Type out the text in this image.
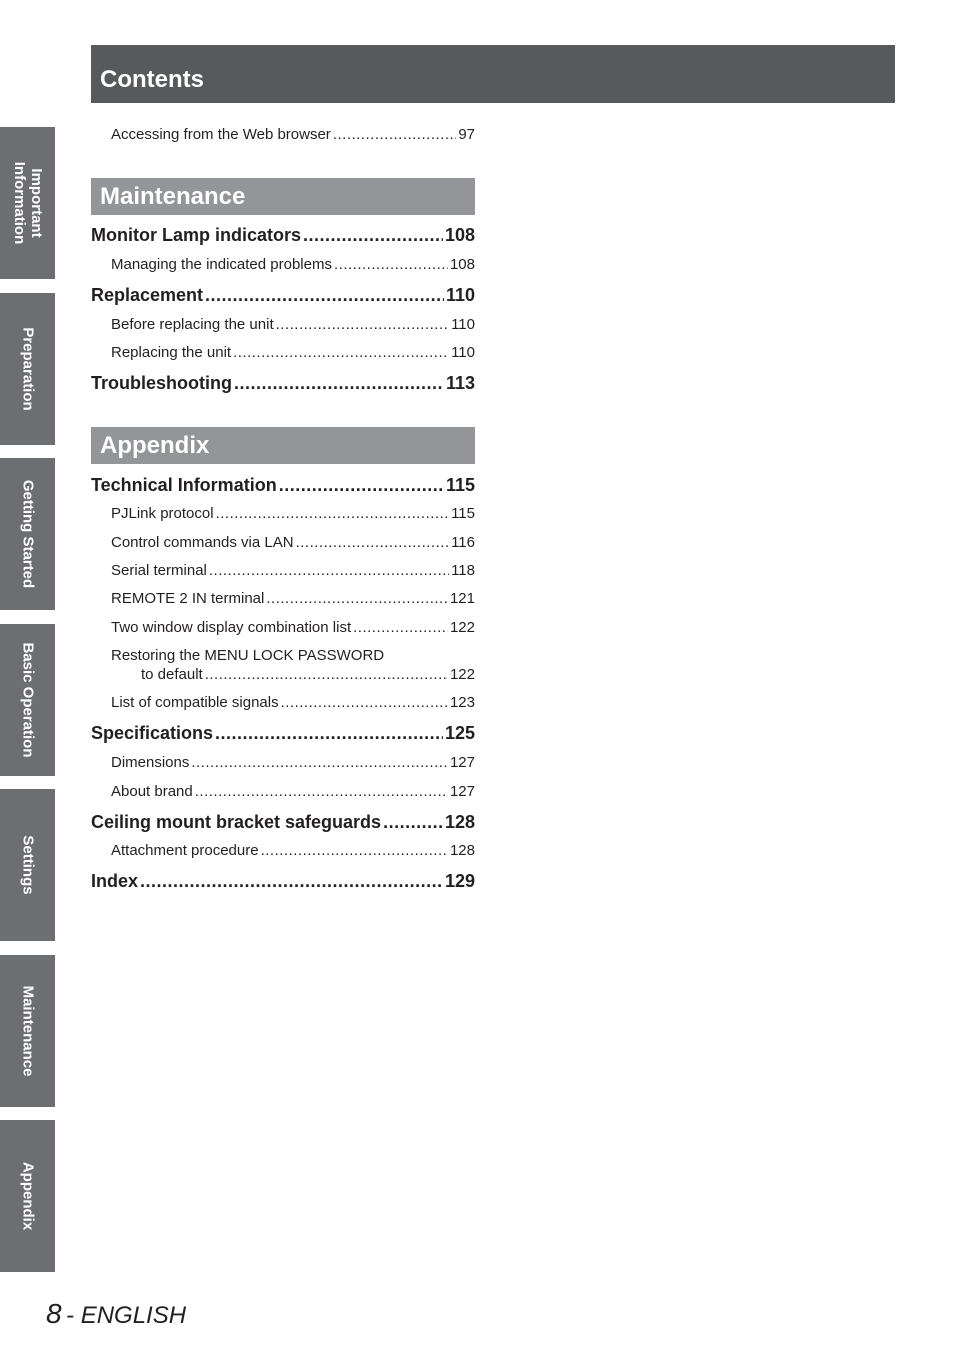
Contents
Important
Information
Preparation
Getting Started
Basic Operation
Settings
Maintenance
Appendix
Accessing from the Web browser .....	97
Maintenance
Monitor Lamp indicators .....	108
Managing the indicated problems .....	108
Replacement .....	110
Before replacing the unit .....	110
Replacing the unit .....	110
Troubleshooting .....	113
Appendix
Technical Information .....	115
PJLink protocol .....	115
Control commands via LAN .....	116
Serial terminal .....	118
REMOTE 2 IN terminal .....	121
Two window display combination list .....	122
Restoring the MENU LOCK PASSWORD
to default .....	122
List of compatible signals .....	123
Specifications .....	125
Dimensions .....	127
About brand .....	127
Ceiling mount bracket safeguards .....	128
Attachment procedure .....	128
Index .....	129
8 - ENGLISH
